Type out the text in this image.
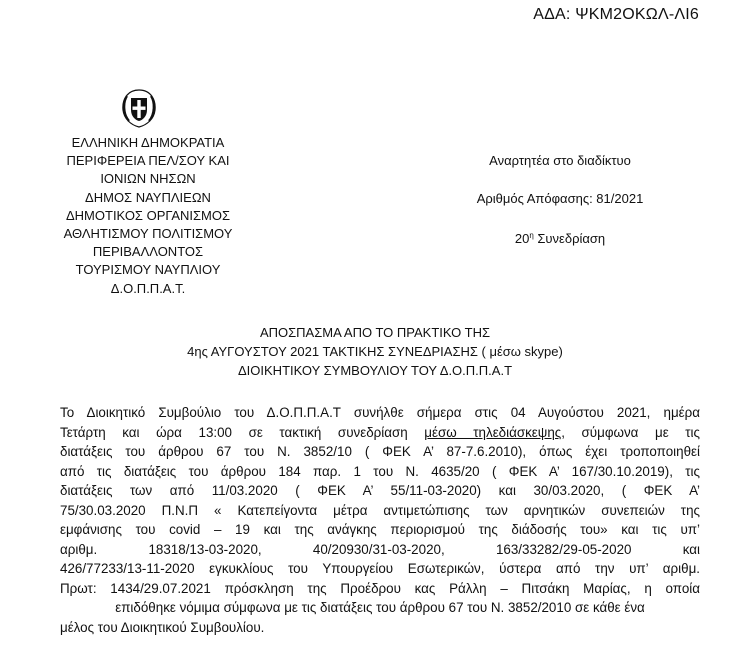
ΑΔΑ: ΨΚΜ2ΟΚΩΛ-ΛΙ6
ΕΛΛΗΝΙΚΗ ΔΗΜΟΚΡΑΤΙΑ
ΠΕΡΙΦΕΡΕΙΑ ΠΕΛ/ΣΟΥ ΚΑΙ
ΙΟΝΙΩΝ ΝΗΣΩΝ
ΔΗΜΟΣ ΝΑΥΠΛΙΕΩΝ
ΔΗΜΟΤΙΚΟΣ ΟΡΓΑΝΙΣΜΟΣ
ΑΘΛΗΤΙΣΜΟΥ ΠΟΛΙΤΙΣΜΟΥ
ΠΕΡΙΒΑΛΛΟΝΤΟΣ
ΤΟΥΡΙΣΜΟΥ ΝΑΥΠΛΙΟΥ
Δ.Ο.Π.Π.Α.Τ.
Αναρτητέα στο διαδίκτυο
Αριθμός Απόφασης: 81/2021
$20^\eta$ Συνεδρίαση
ΑΠΟΣΠΑΣΜΑ ΑΠΟ ΤΟ ΠΡΑΚΤΙΚΟ ΤΗΣ
4ης ΑΥΓΟΥΣΤΟΥ 2021 ΤΑΚΤΙΚΗΣ ΣΥΝΕΔΡΙΑΣΗΣ ( μέσω skype)
ΔΙΟΙΚΗΤΙΚΟΥ ΣΥΜΒΟΥΛΙΟΥ ΤΟΥ Δ.Ο.Π.Π.Α.Τ
Το Διοικητικό Συμβούλιο του Δ.Ο.Π.Π.Α.Τ συνήλθε σήμερα στις 04 Αυγούστου 2021, ημέρα
Τετάρτη και ώρα 13:00 σε τακτική συνεδρίαση μέσω τηλεδιάσκεψης, σύμφωνα με τις
διατάξεις του άρθρου 67 του Ν. 3852/10 ( ΦΕΚ Α’ 87-7.6.2010), όπως έχει τροποποιηθεί
από τις διατάξεις του άρθρου 184 παρ. 1 του Ν. 4635/20 ( ΦΕΚ Α’ 167/30.10.2019), τις
διατάξεις των από 11/03.2020 ( ΦΕΚ Α’ 55/11-03-2020) και 30/03.2020, ( ΦΕΚ Α’
75/30.03.2020 Π.Ν.Π « Κατεπείγοντα μέτρα αντιμετώπισης των αρνητικών συνεπειών της
εμφάνισης του covid – 19 και της ανάγκης περιορισμού της διάδοσής του» και τις υπ’
αριθμ.	18318/13-03-2020,	40/20930/31-03-2020,	163/33282/29-05-2020	και
426/77233/13-11-2020 εγκυκλίους του Υπουργείου Εσωτερικών, ύστερα από την υπ’ αριθμ.
Πρωτ: 1434/29.07.2021 πρόσκληση της Προέδρου κας Ράλλη – Πιτσάκη Μαρίας, η οποία
επιδόθηκε νόμιμα σύμφωνα με τις διατάξεις του άρθρου 67 του Ν. 3852/2010 σε κάθε ένα
μέλος του Διοικητικού Συμβουλίου.
